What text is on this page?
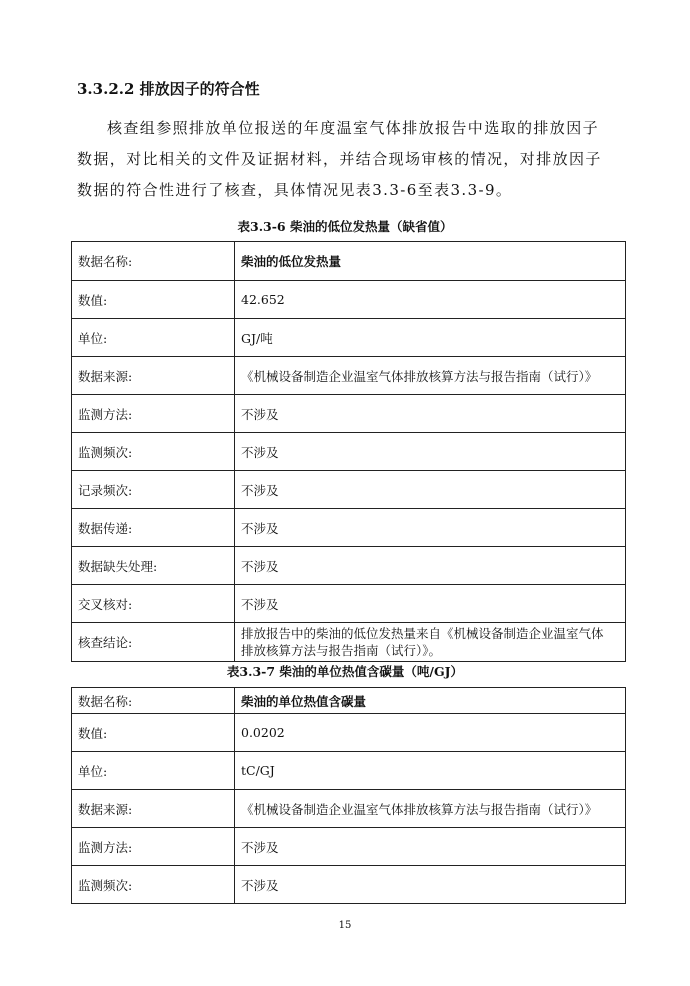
3.3.2.2 排放因子的符合性

核查组参照排放单位报送的年度温室气体排放报告中选取的排放因子

数据，对比相关的文件及证据材料，并结合现场审核的情况，对排放因子

数据的符合性进行了核查，具体情况见表3.3-6至表3.3-9。

表3.3-6 柴油的低位发热量（缺省值）
数据名称:	柴油的低位发热量
数值:	42.652
单位:	GJ/吨
数据来源:	《机械设备制造企业温室气体排放核算方法与报告指南（试行）》
监测方法:	不涉及
监测频次:	不涉及
记录频次:	不涉及
数据传递:	不涉及
数据缺失处理:	不涉及
交叉核对:	不涉及
核查结论:	排放报告中的柴油的低位发热量来自《机械设备制造企业温室气体
排放核算方法与报告指南（试行）》。
表3.3-7 柴油的单位热值含碳量（吨/GJ）
数据名称:	柴油的单位热值含碳量
数值:	0.0202
单位:	tC/GJ
数据来源:	《机械设备制造企业温室气体排放核算方法与报告指南（试行）》
监测方法:	不涉及
监测频次:	不涉及
15
